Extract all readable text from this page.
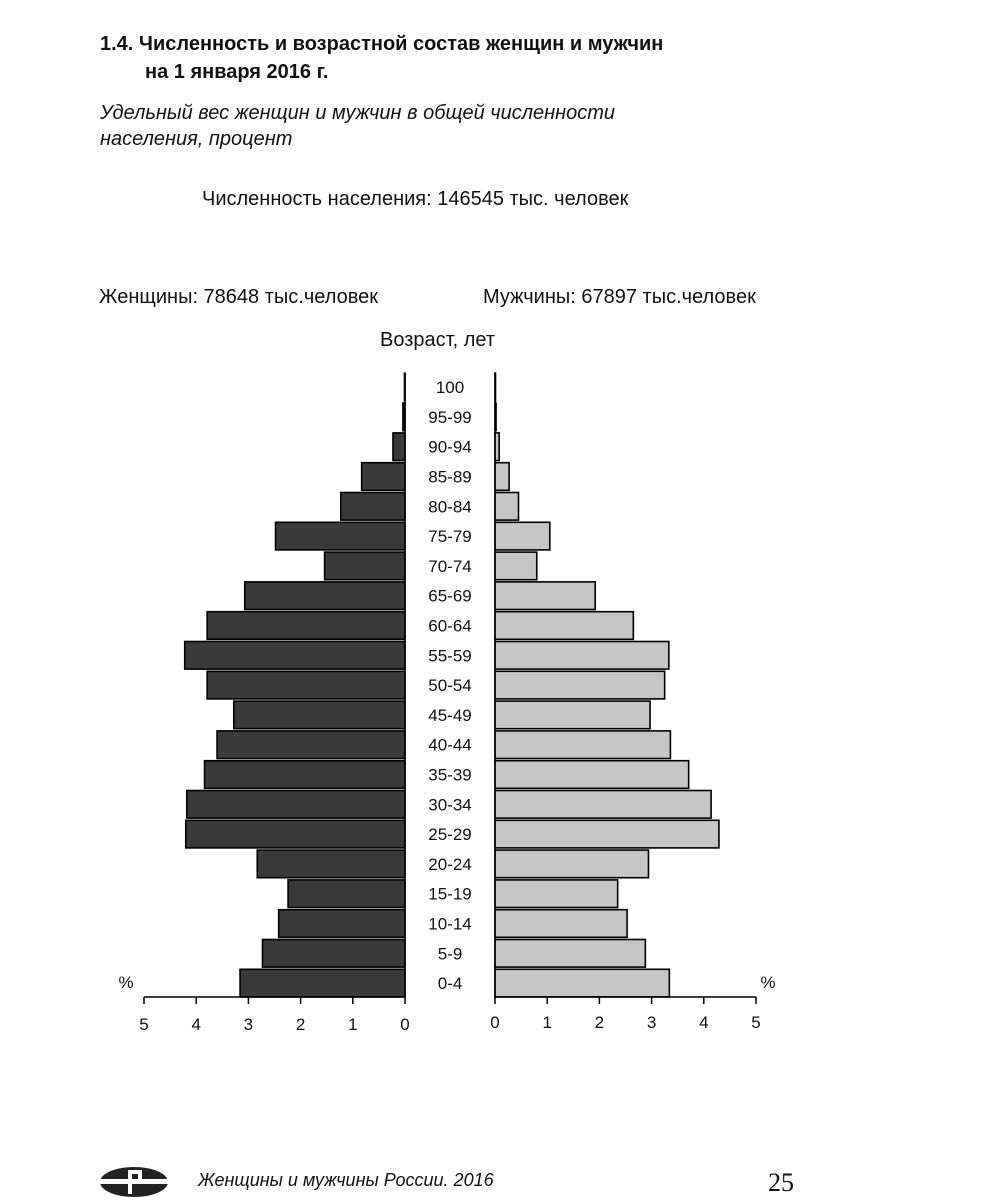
1.4. Численность и возрастной состав женщин и мужчин
на 1 января 2016 г.
Удельный вес женщин и мужчин в общей численности
населения, процент
Численность населения: 146545 тыс. человек
Женщины: 78648 тыс.человек	Мужчины: 67897 тыс.человек
Возраст, лет
100
95-99
90-94
85-89
80-84
75-79
70-74
65-69
60-64
55-59
50-54
45-49
40-44
35-39
30-34
25-29
20-24
15-19
10-14
5-9
0-4
5	4	3	2	1	0	0	1	2	3	4	5
%	%
Женщины и мужчины России. 2016	25
